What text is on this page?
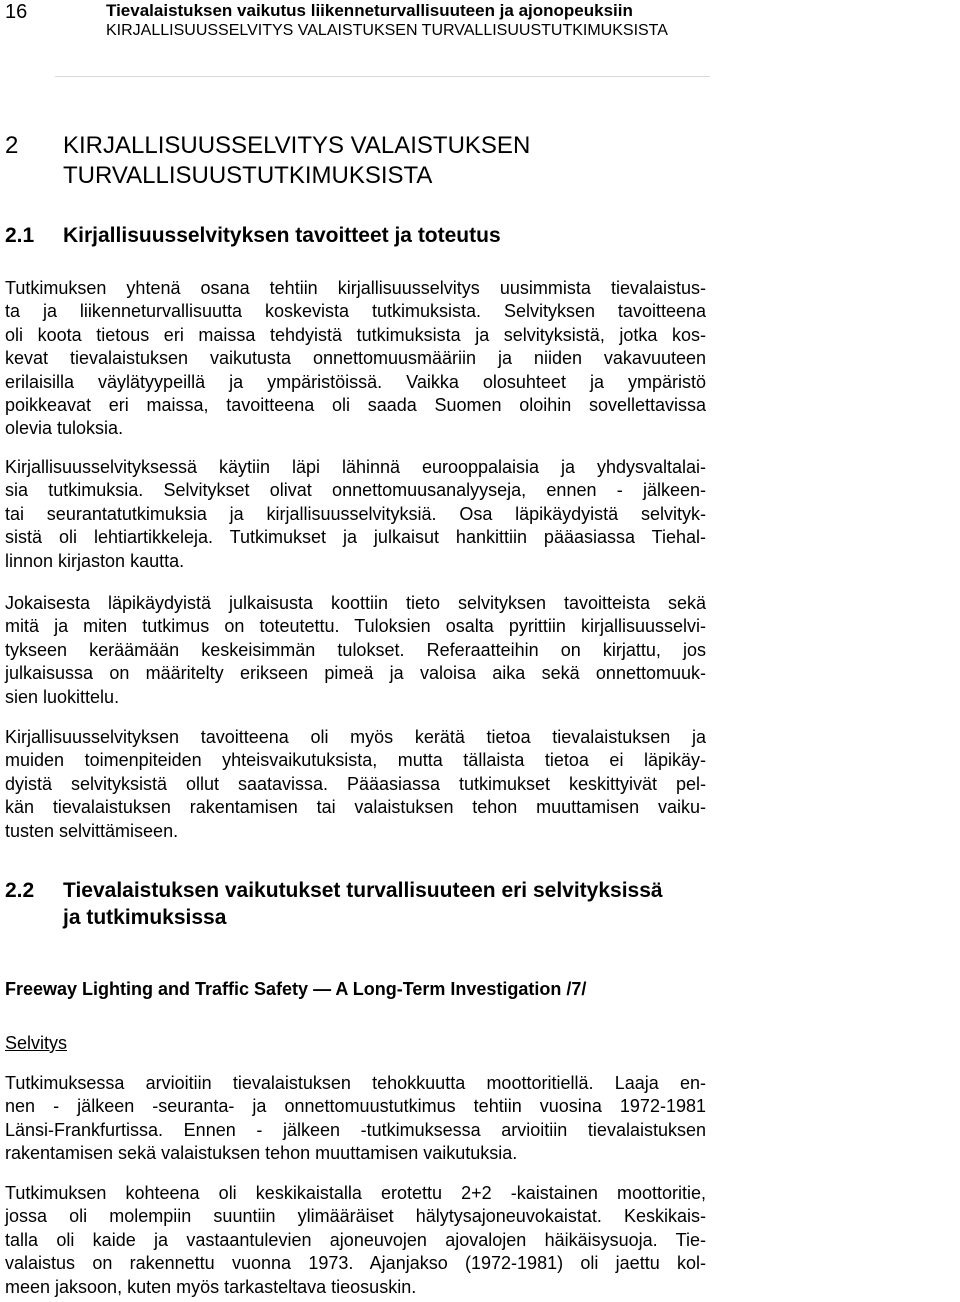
16	Tievalaistuksen vaikutus liikenneturvallisuuteen ja ajonopeuksiin
KIRJALLISUUSSELVITYS VALAISTUKSEN TURVALLISUUSTUTKIMUKSISTA
2 KIRJALLISUUSSELVITYS VALAISTUKSEN
TURVALLISUUSTUTKIMUKSISTA
2.1 Kirjallisuusselvityksen tavoitteet ja toteutus

Tutkimuksen yhtenä osana tehtiin kirjallisuusselvitys uusimmista tievalaistus-
ta ja liikenneturvallisuutta koskevista tutkimuksista. Selvityksen tavoitteena
oli koota tietous eri maissa tehdyistä tutkimuksista ja selvityksistä, jotka kos-
kevat tievalaistuksen vaikutusta onnettomuusmääriin ja niiden vakavuuteen
erilaisilla väylätyypeillä ja ympäristöissä. Vaikka olosuhteet ja ympäristö
poikkeavat eri maissa, tavoitteena oli saada Suomen oloihin sovellettavissa
olevia tuloksia.

Kirjallisuusselvityksessä käytiin läpi lähinnä eurooppalaisia ja yhdysvaltalai-
sia tutkimuksia. Selvitykset olivat onnettomuusanalyyseja, ennen - jälkeen-
tai seurantatutkimuksia ja kirjallisuusselvityksiä. Osa läpikäydyistä selvityk-
sistä oli lehtiartikkeleja. Tutkimukset ja julkaisut hankittiin pääasiassa Tiehal-
linnon kirjaston kautta.

Jokaisesta läpikäydyistä julkaisusta koottiin tieto selvityksen tavoitteista sekä
mitä ja miten tutkimus on toteutettu. Tuloksien osalta pyrittiin kirjallisuusselvi-
tykseen keräämään keskeisimmän tulokset. Referaatteihin on kirjattu, jos
julkaisussa on määritelty erikseen pimeä ja valoisa aika sekä onnettomuuk-
sien luokittelu.

Kirjallisuusselvityksen tavoitteena oli myös kerätä tietoa tievalaistuksen ja
muiden toimenpiteiden yhteisvaikutuksista, mutta tällaista tietoa ei läpikäy-
dyistä selvityksistä ollut saatavissa. Pääasiassa tutkimukset keskittyivät pel-
kän tievalaistuksen rakentamisen tai valaistuksen tehon muuttamisen vaiku-
tusten selvittämiseen.

2.2 Tievalaistuksen vaikutukset turvallisuuteen eri selvityksissä
ja tutkimuksissa
Freeway Lighting and Traffic Safety — A Long-Term Investigation /7/
Selvitys

Tutkimuksessa arvioitiin tievalaistuksen tehokkuutta moottoritiellä. Laaja en-
nen - jälkeen -seuranta- ja onnettomuustutkimus tehtiin vuosina 1972-1981
Länsi-Frankfurtissa. Ennen - jälkeen -tutkimuksessa arvioitiin tievalaistuksen
rakentamisen sekä valaistuksen tehon muuttamisen vaikutuksia.

Tutkimuksen kohteena oli keskikaistalla erotettu 2+2 -kaistainen moottoritie,
jossa oli molempiin suuntiin ylimääräiset hälytysajoneuvokaistat. Keskikais-
talla oli kaide ja vastaantulevien ajoneuvojen ajovalojen häikäisysuoja. Tie-
valaistus on rakennettu vuonna 1973. Ajanjakso (1972-1981) oli jaettu kol-
meen jaksoon, kuten myös tarkasteltava tieosuskin.
